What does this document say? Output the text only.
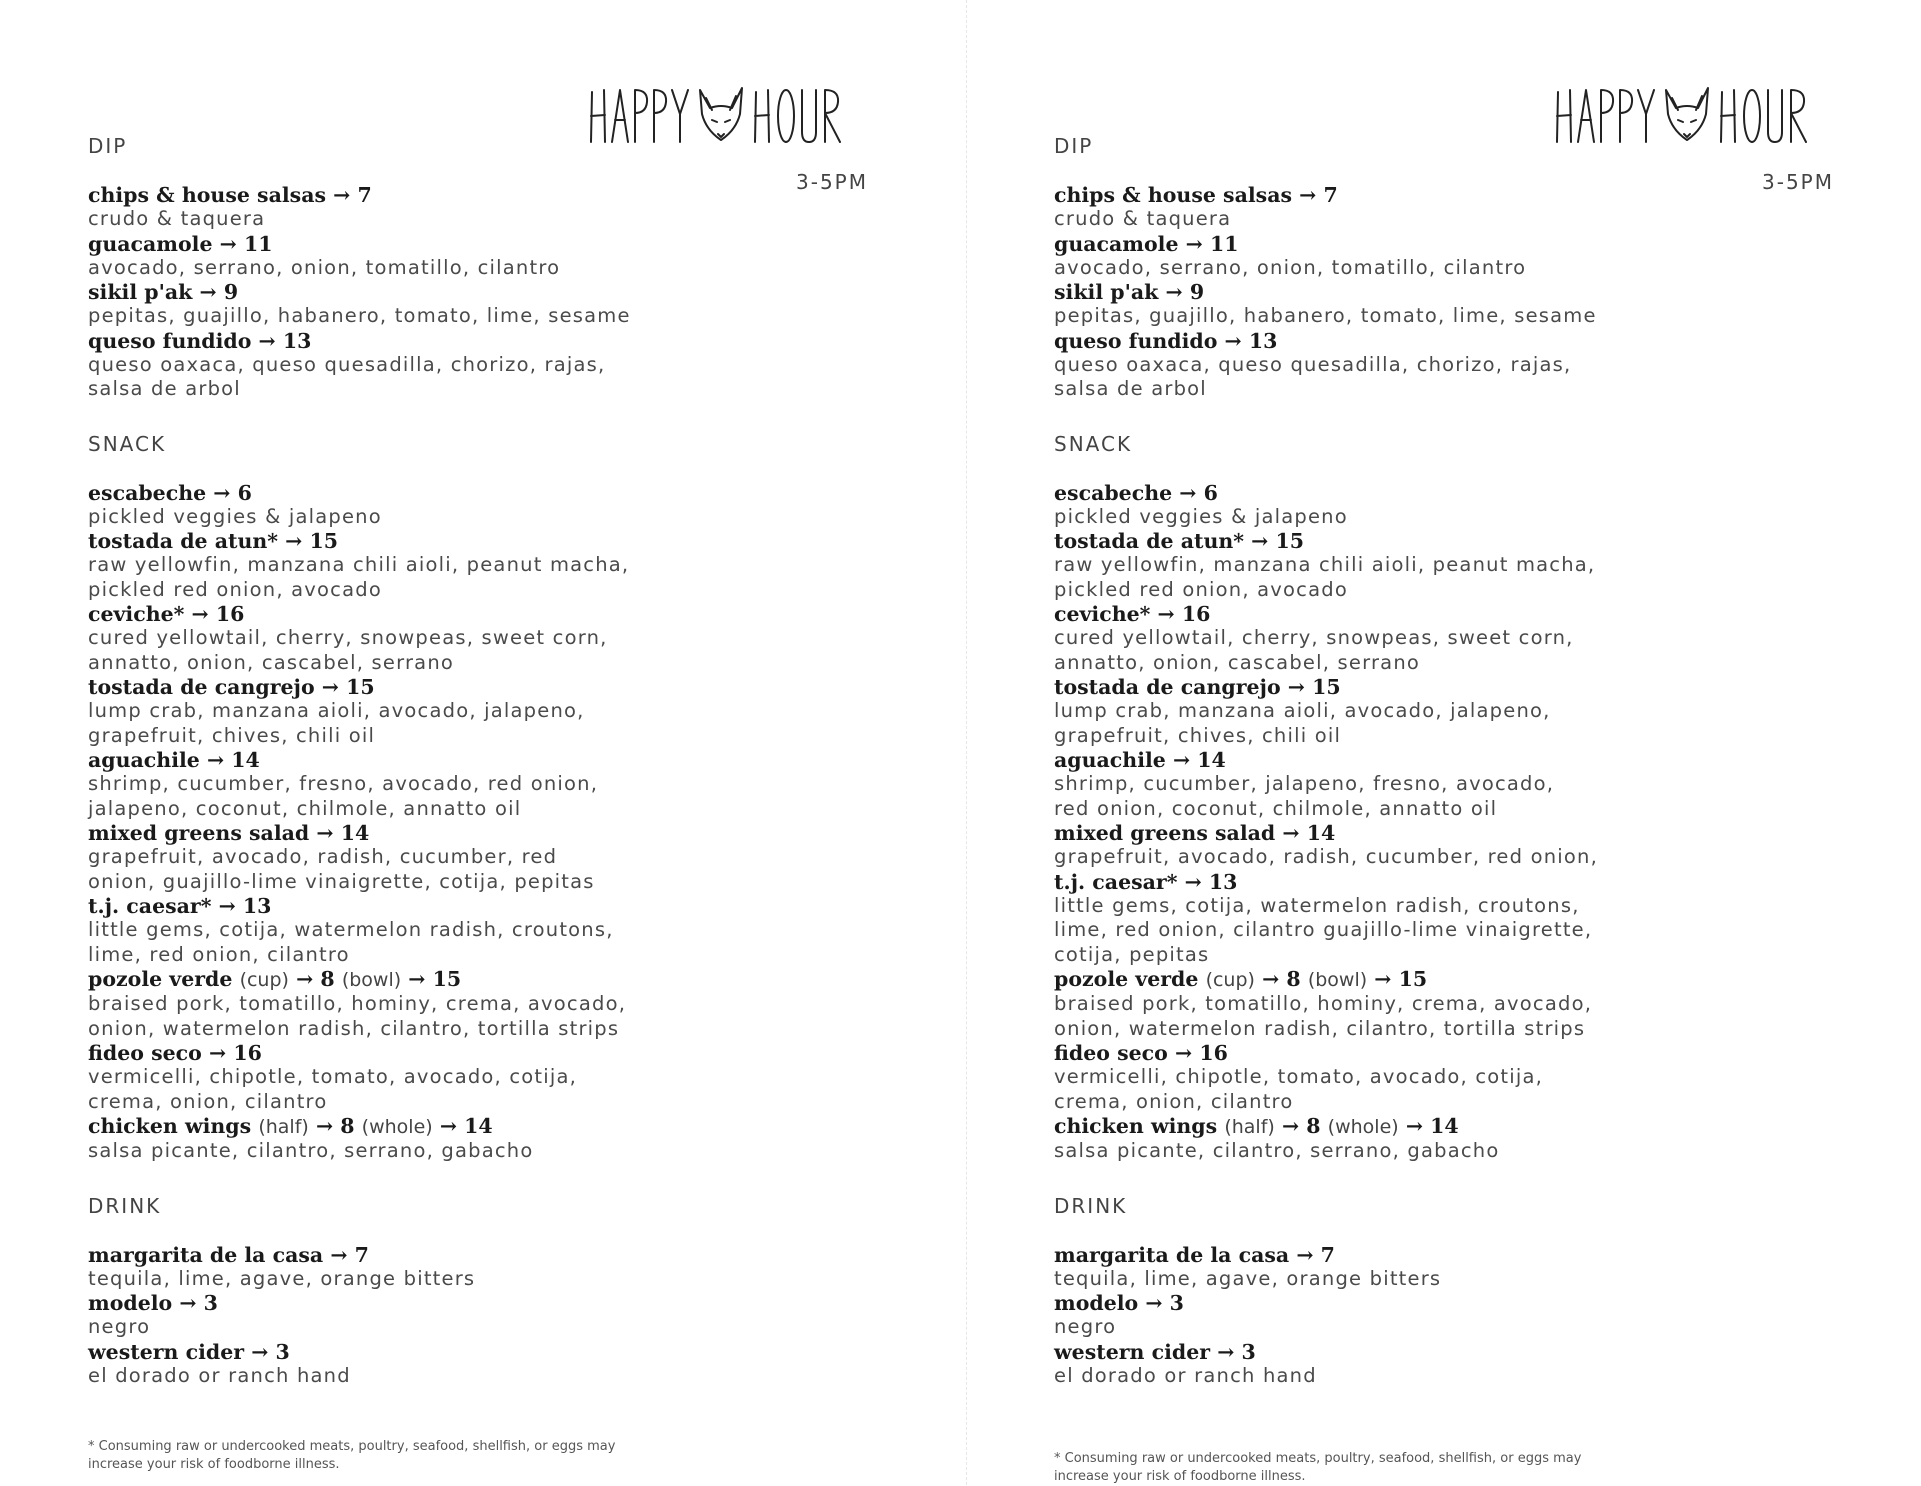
3-5PM
DIP
chips & house salsas → 7
crudo & taquera
guacamole → 11
avocado, serrano, onion, tomatillo, cilantro
sikil p'ak → 9
pepitas, guajillo, habanero, tomato, lime, sesame
queso fundido → 13
queso oaxaca, queso quesadilla, chorizo, rajas,
salsa de arbol
SNACK
escabeche → 6
pickled veggies & jalapeno
tostada de atun* → 15
raw yellowfin, manzana chili aioli, peanut macha,
pickled red onion, avocado
ceviche* → 16
cured yellowtail, cherry, snowpeas, sweet corn,
annatto, onion, cascabel, serrano
tostada de cangrejo → 15
lump crab, manzana aioli, avocado, jalapeno,
grapefruit, chives, chili oil
aguachile → 14
shrimp, cucumber, fresno, avocado, red onion,
jalapeno, coconut, chilmole, annatto oil
mixed greens salad → 14
grapefruit, avocado, radish, cucumber, red
onion, guajillo-lime vinaigrette, cotija, pepitas
t.j. caesar* → 13
little gems, cotija, watermelon radish, croutons,
lime, red onion, cilantro
pozole verde (cup) → 8 (bowl) → 15
braised pork, tomatillo, hominy, crema, avocado,
onion, watermelon radish, cilantro, tortilla strips
fideo seco → 16
vermicelli, chipotle, tomato, avocado, cotija,
crema, onion, cilantro
chicken wings (half) → 8 (whole) → 14
salsa picante, cilantro, serrano, gabacho
DRINK
margarita de la casa → 7
tequila, lime, agave, orange bitters
modelo → 3
negro
western cider → 3
el dorado or ranch hand
* Consuming raw or undercooked meats, poultry, seafood, shellfish, or eggs may
increase your risk of foodborne illness.
3-5PM
DIP
chips & house salsas → 7
crudo & taquera
guacamole → 11
avocado, serrano, onion, tomatillo, cilantro
sikil p'ak → 9
pepitas, guajillo, habanero, tomato, lime, sesame
queso fundido → 13
queso oaxaca, queso quesadilla, chorizo, rajas,
salsa de arbol
SNACK
escabeche → 6
pickled veggies & jalapeno
tostada de atun* → 15
raw yellowfin, manzana chili aioli, peanut macha,
pickled red onion, avocado
ceviche* → 16
cured yellowtail, cherry, snowpeas, sweet corn,
annatto, onion, cascabel, serrano
tostada de cangrejo → 15
lump crab, manzana aioli, avocado, jalapeno,
grapefruit, chives, chili oil
aguachile → 14
shrimp, cucumber, jalapeno, fresno, avocado,
red onion, coconut, chilmole, annatto oil
mixed greens salad → 14
grapefruit, avocado, radish, cucumber, red onion,
t.j. caesar* → 13
little gems, cotija, watermelon radish, croutons,
lime, red onion, cilantro guajillo-lime vinaigrette,
cotija, pepitas
pozole verde (cup) → 8 (bowl) → 15
braised pork, tomatillo, hominy, crema, avocado,
onion, watermelon radish, cilantro, tortilla strips
fideo seco → 16
vermicelli, chipotle, tomato, avocado, cotija,
crema, onion, cilantro
chicken wings (half) → 8 (whole) → 14
salsa picante, cilantro, serrano, gabacho
DRINK
margarita de la casa → 7
tequila, lime, agave, orange bitters
modelo → 3
negro
western cider → 3
el dorado or ranch hand
* Consuming raw or undercooked meats, poultry, seafood, shellfish, or eggs may
increase your risk of foodborne illness.
